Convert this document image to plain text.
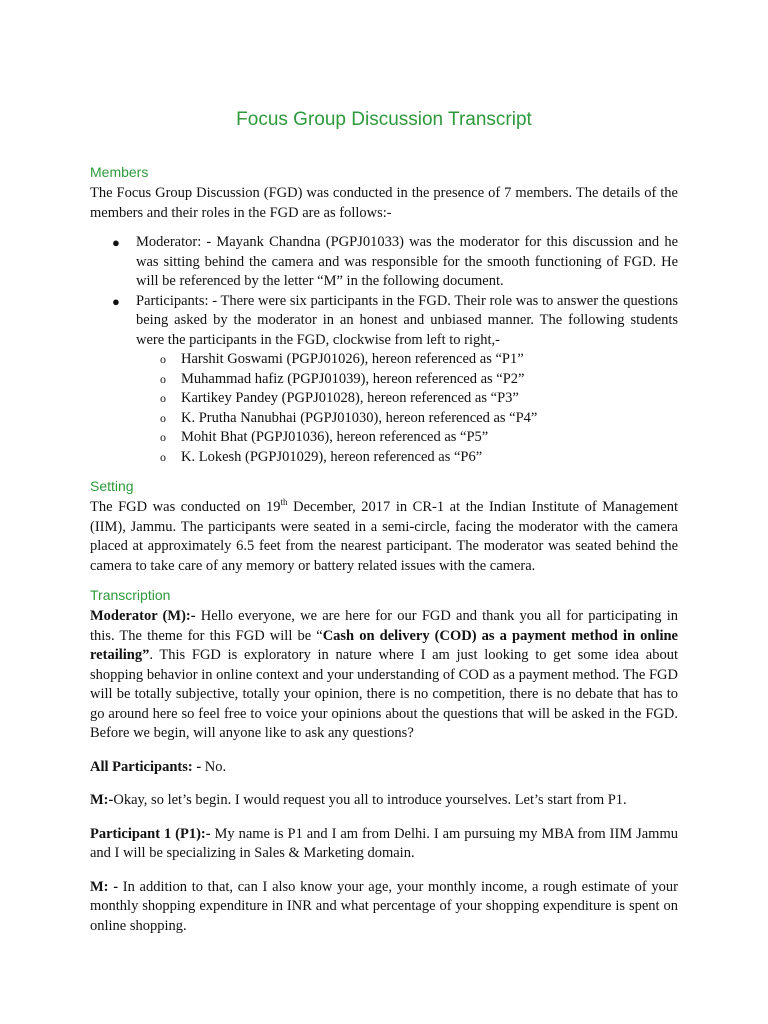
Focus Group Discussion Transcript
Members

The Focus Group Discussion (FGD) was conducted in the presence of 7 members. The details of the members and their roles in the FGD are as follows:-

● Moderator: - Mayank Chandna (PGPJ01033) was the moderator for this discussion and he was sitting behind the camera and was responsible for the smooth functioning of FGD. He will be referenced by the letter “M” in the following document.

● Participants: - There were six participants in the FGD. Their role was to answer the questions being asked by the moderator in an honest and unbiased manner. The following students were the participants in the FGD, clockwise from left to right,-

o Harshit Goswami (PGPJ01026), hereon referenced as “P1”
o Muhammad hafiz (PGPJ01039), hereon referenced as “P2”
o Kartikey Pandey (PGPJ01028), hereon referenced as “P3”
o K. Prutha Nanubhai (PGPJ01030), hereon referenced as “P4”
o Mohit Bhat (PGPJ01036), hereon referenced as “P5”
o K. Lokesh (PGPJ01029), hereon referenced as “P6”
Setting

The FGD was conducted on 19th December, 2017 in CR-1 at the Indian Institute of Management (IIM), Jammu. The participants were seated in a semi-circle, facing the moderator with the camera placed at approximately 6.5 feet from the nearest participant. The moderator was seated behind the camera to take care of any memory or battery related issues with the camera.

Transcription

Moderator (M):- Hello everyone, we are here for our FGD and thank you all for participating in this. The theme for this FGD will be “Cash on delivery (COD) as a payment method in online retailing”. This FGD is exploratory in nature where I am just looking to get some idea about shopping behavior in online context and your understanding of COD as a payment method. The FGD will be totally subjective, totally your opinion, there is no competition, there is no debate that has to go around here so feel free to voice your opinions about the questions that will be asked in the FGD. Before we begin, will anyone like to ask any questions?

All Participants: - No.

M:-Okay, so let’s begin. I would request you all to introduce yourselves. Let’s start from P1.

Participant 1 (P1):- My name is P1 and I am from Delhi. I am pursuing my MBA from IIM Jammu and I will be specializing in Sales & Marketing domain.

M: - In addition to that, can I also know your age, your monthly income, a rough estimate of your monthly shopping expenditure in INR and what percentage of your shopping expenditure is spent on online shopping.
